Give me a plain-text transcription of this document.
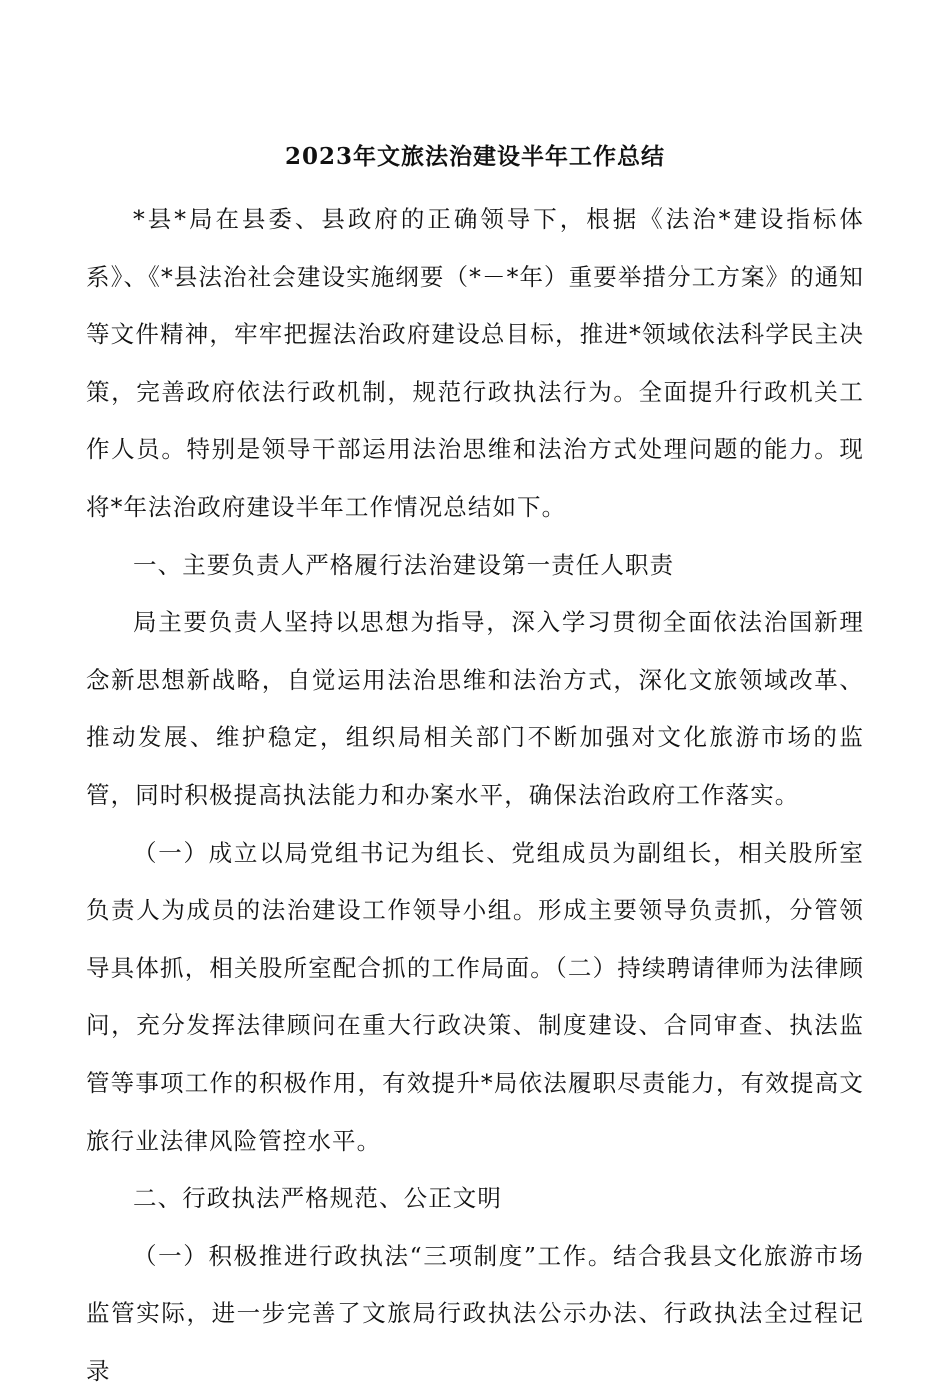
2023年文旅法治建设半年工作总结

*县*局在县委、县政府的正确领导下，根据《法治*建设指标体系》、《*县法治社会建设实施纲要（*－*年）重要举措分工方案》的通知等文件精神，牢牢把握法治政府建设总目标，推进*领域依法科学民主决策，完善政府依法行政机制，规范行政执法行为。全面提升行政机关工作人员。特别是领导干部运用法治思维和法治方式处理问题的能力。现将*年法治政府建设半年工作情况总结如下。

一、主要负责人严格履行法治建设第一责任人职责

局主要负责人坚持以思想为指导，深入学习贯彻全面依法治国新理念新思想新战略，自觉运用法治思维和法治方式，深化文旅领域改革、推动发展、维护稳定，组织局相关部门不断加强对文化旅游市场的监管，同时积极提高执法能力和办案水平，确保法治政府工作落实。

（一）成立以局党组书记为组长、党组成员为副组长，相关股所室负责人为成员的法治建设工作领导小组。形成主要领导负责抓，分管领导具体抓，相关股所室配合抓的工作局面。（二）持续聘请律师为法律顾问，充分发挥法律顾问在重大行政决策、制度建设、合同审查、执法监管等事项工作的积极作用，有效提升*局依法履职尽责能力，有效提高文旅行业法律风险管控水平。

二、行政执法严格规范、公正文明

（一）积极推进行政执法“三项制度”工作。结合我县文化旅游市场监管实际，进一步完善了文旅局行政执法公示办法、行政执法全过程记录
